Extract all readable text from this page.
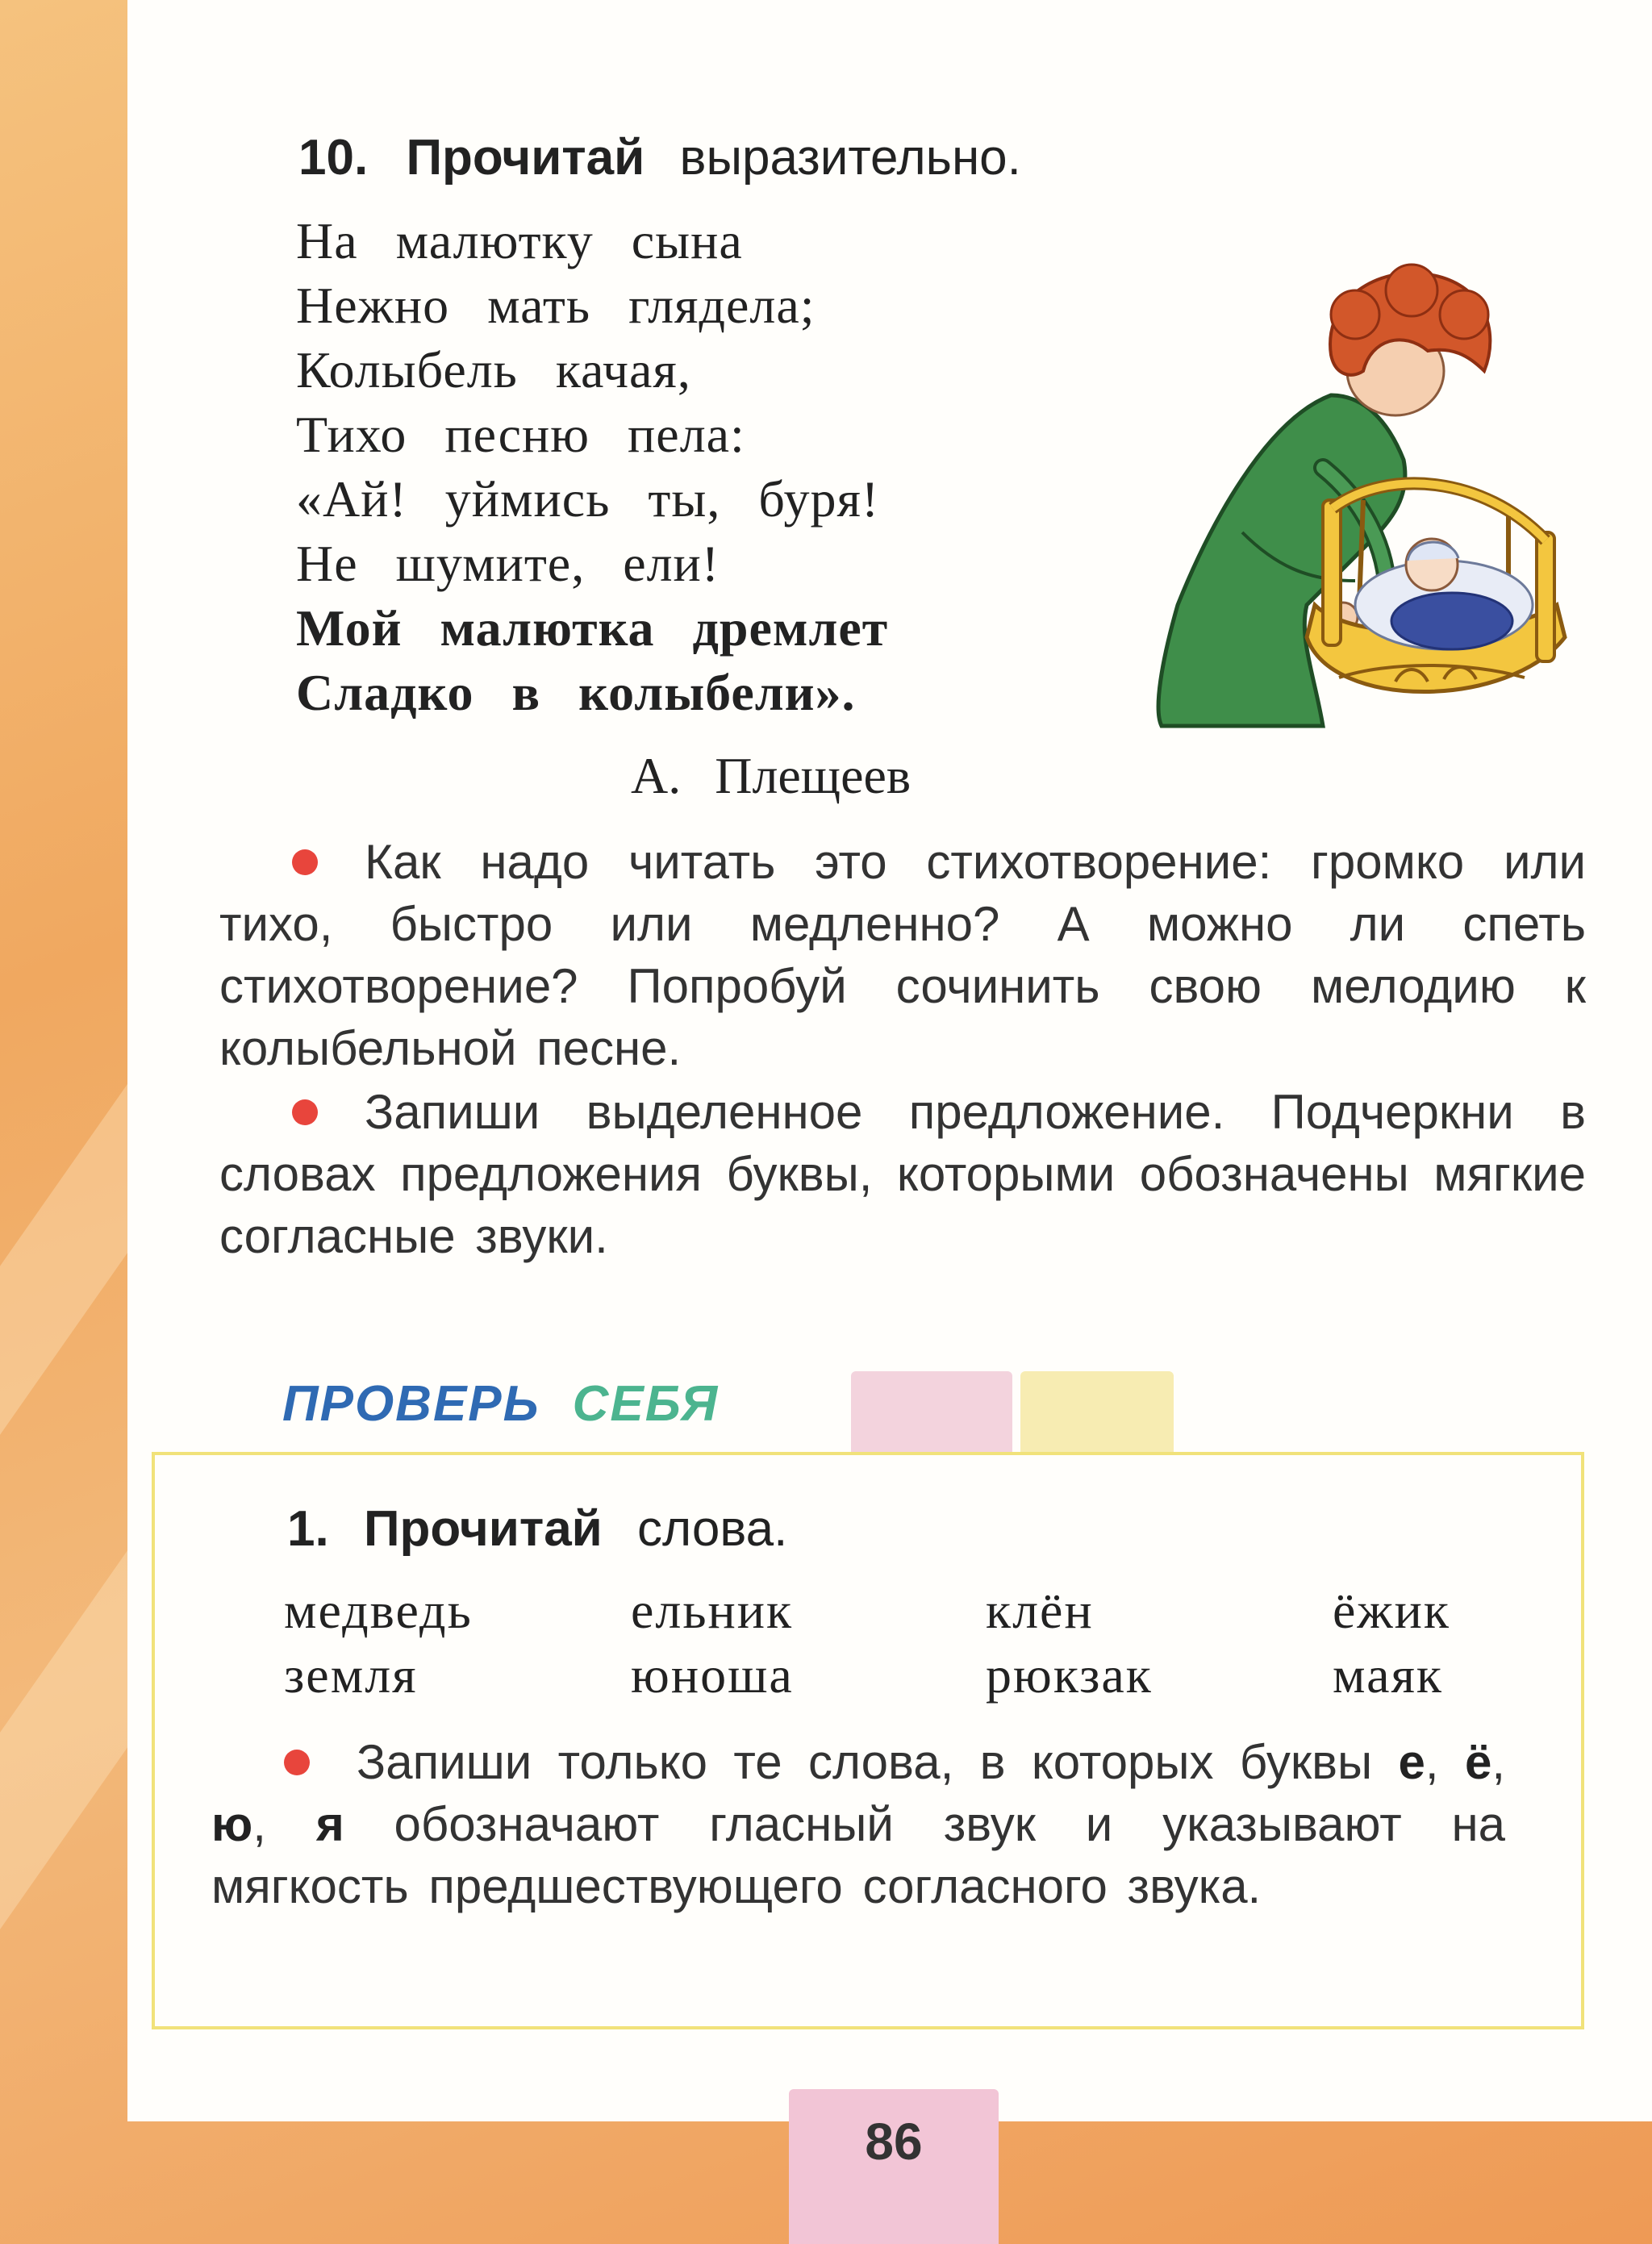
10. Прочитай выразительно.
На малютку сына
Нежно мать глядела;
Колыбель качая,
Тихо песню пела:
«Ай! уймись ты, буря!
Не шумите, ели!
Мой малютка дремлет
Сладко в колыбели».
А. Плещеев
Как надо читать это стихотворение: громко или тихо, быстро или медленно? А можно ли спеть стихотворение? Попробуй сочинить свою мелодию к колыбельной песне.
Запиши выделенное предложение. Подчеркни в словах предложения буквы, которыми обозначены мягкие согласные звуки.
ПРОВЕРЬ СЕБЯ
1. Прочитай слова.
медведь	ельник	клён	ёжик
земля	юноша	рюкзак	маяк
Запиши только те слова, в которых буквы е, ё, ю, я обозначают гласный звук и указывают на мягкость предшествующего согласного звука.
86
